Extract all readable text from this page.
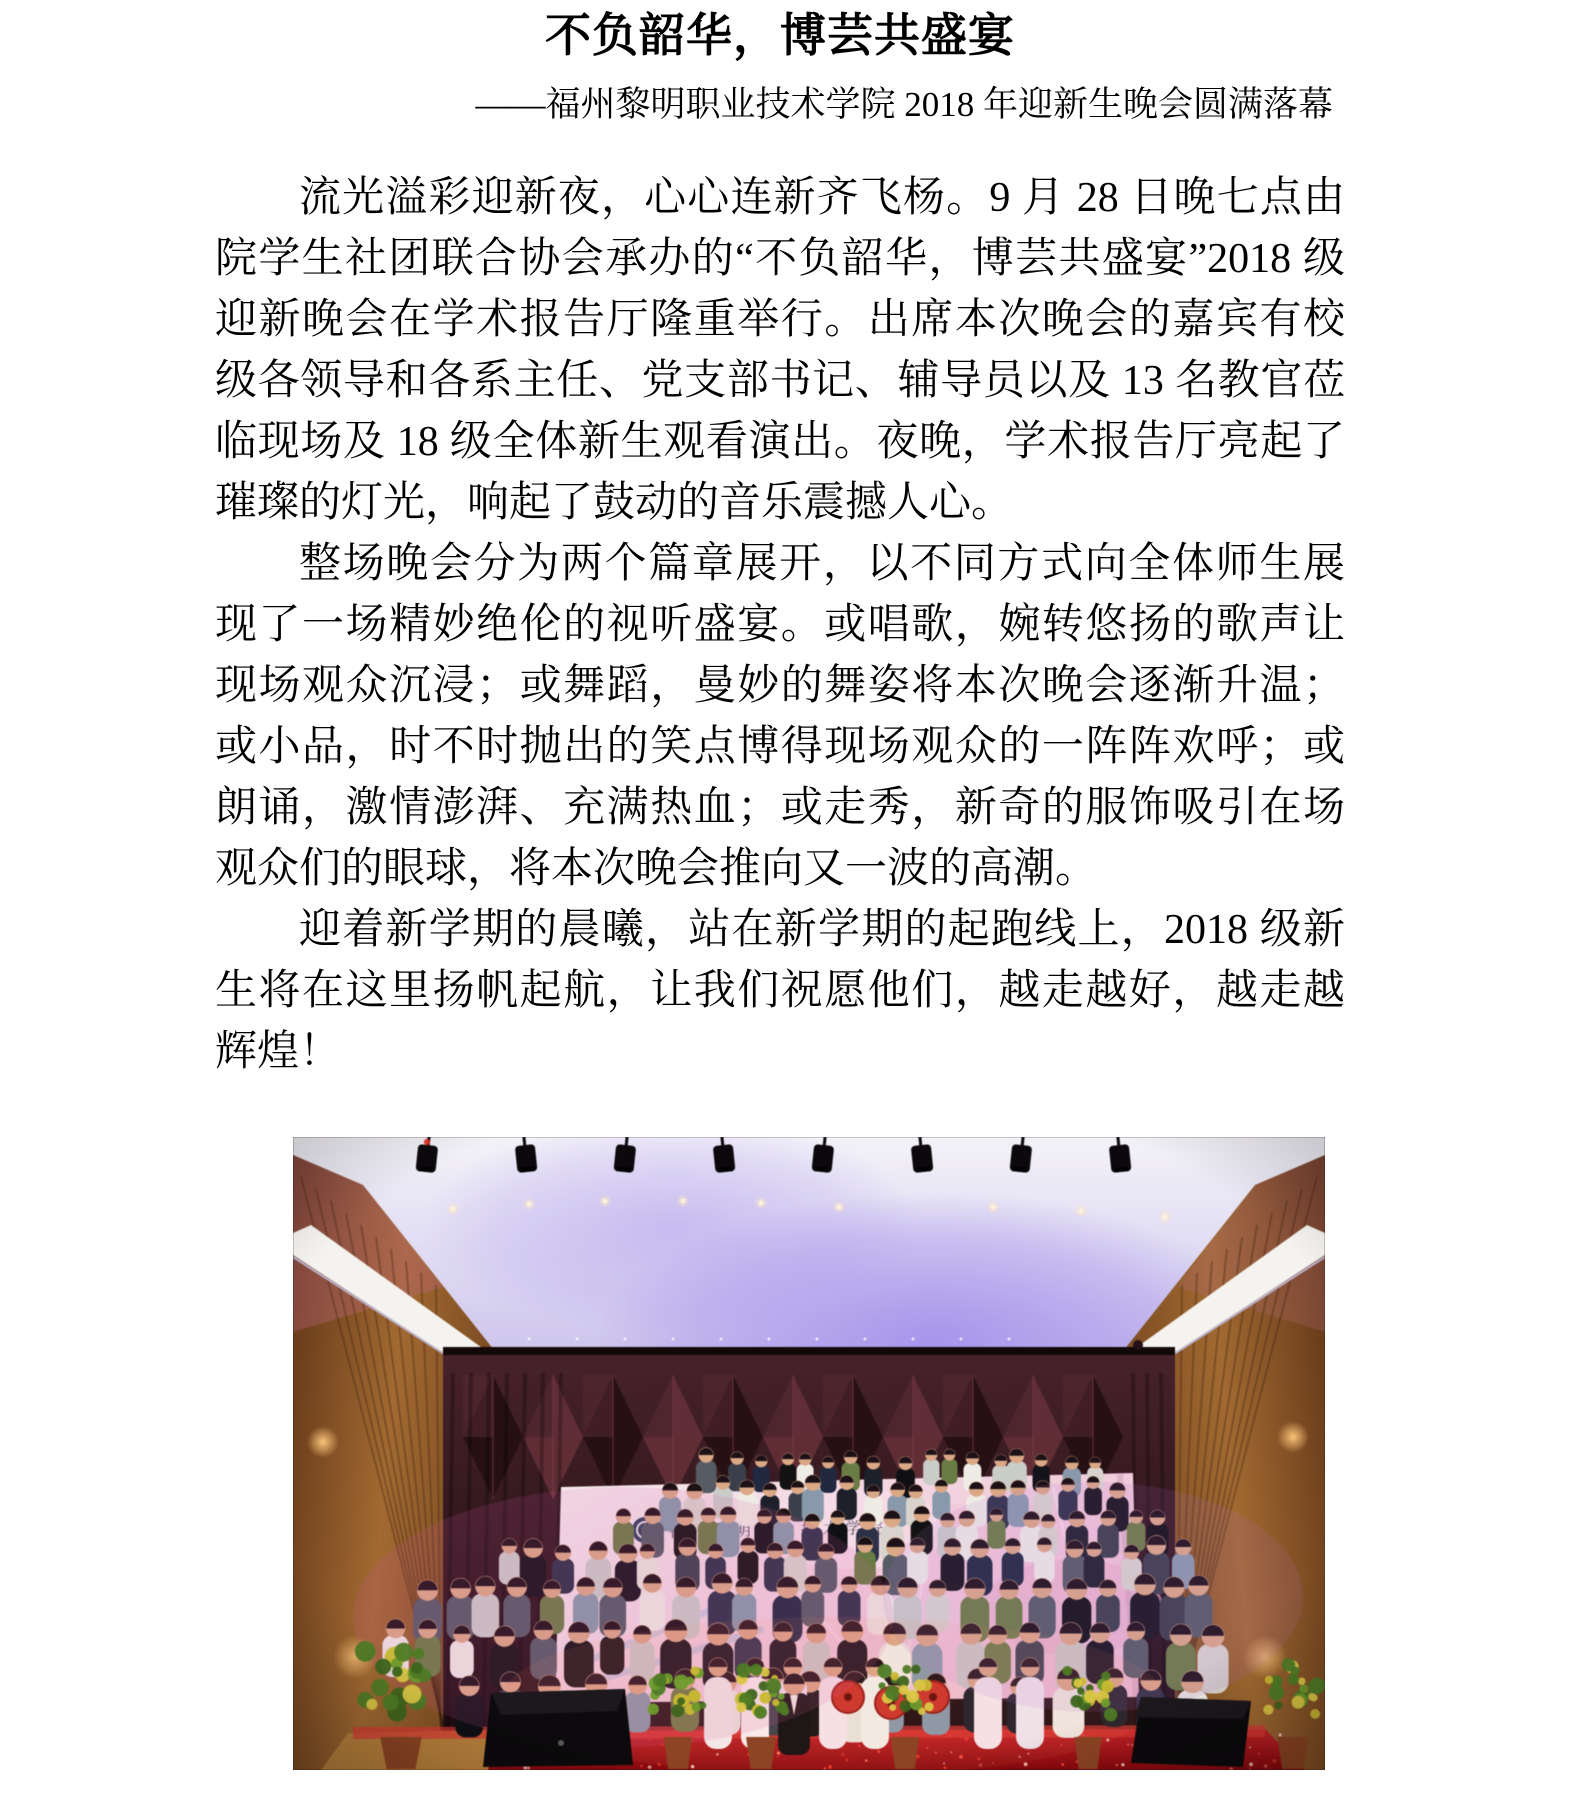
不负韶华，博芸共盛宴
——福州黎明职业技术学院 2018 年迎新生晚会圆满落幕

流光溢彩迎新夜，心心连新齐飞杨。9 月 28 日晚七点由院学生社团联合协会承办的“不负韶华，博芸共盛宴”2018 级迎新晚会在学术报告厅隆重举行。出席本次晚会的嘉宾有校级各领导和各系主任、党支部书记、辅导员以及 13 名教官莅临现场及 18 级全体新生观看演出。夜晚，学术报告厅亮起了璀璨的灯光，响起了鼓动的音乐震撼人心。

整场晚会分为两个篇章展开，以不同方式向全体师生展现了一场精妙绝伦的视听盛宴。或唱歌，婉转悠扬的歌声让现场观众沉浸；或舞蹈，曼妙的舞姿将本次晚会逐渐升温；或小品，时不时抛出的笑点博得现场观众的一阵阵欢呼；或朗诵，激情澎湃、充满热血；或走秀，新奇的服饰吸引在场观众们的眼球，将本次晚会推向又一波的高潮。

迎着新学期的晨曦，站在新学期的起跑线上，2018 级新生将在这里扬帆起航，让我们祝愿他们，越走越好，越走越辉煌！
